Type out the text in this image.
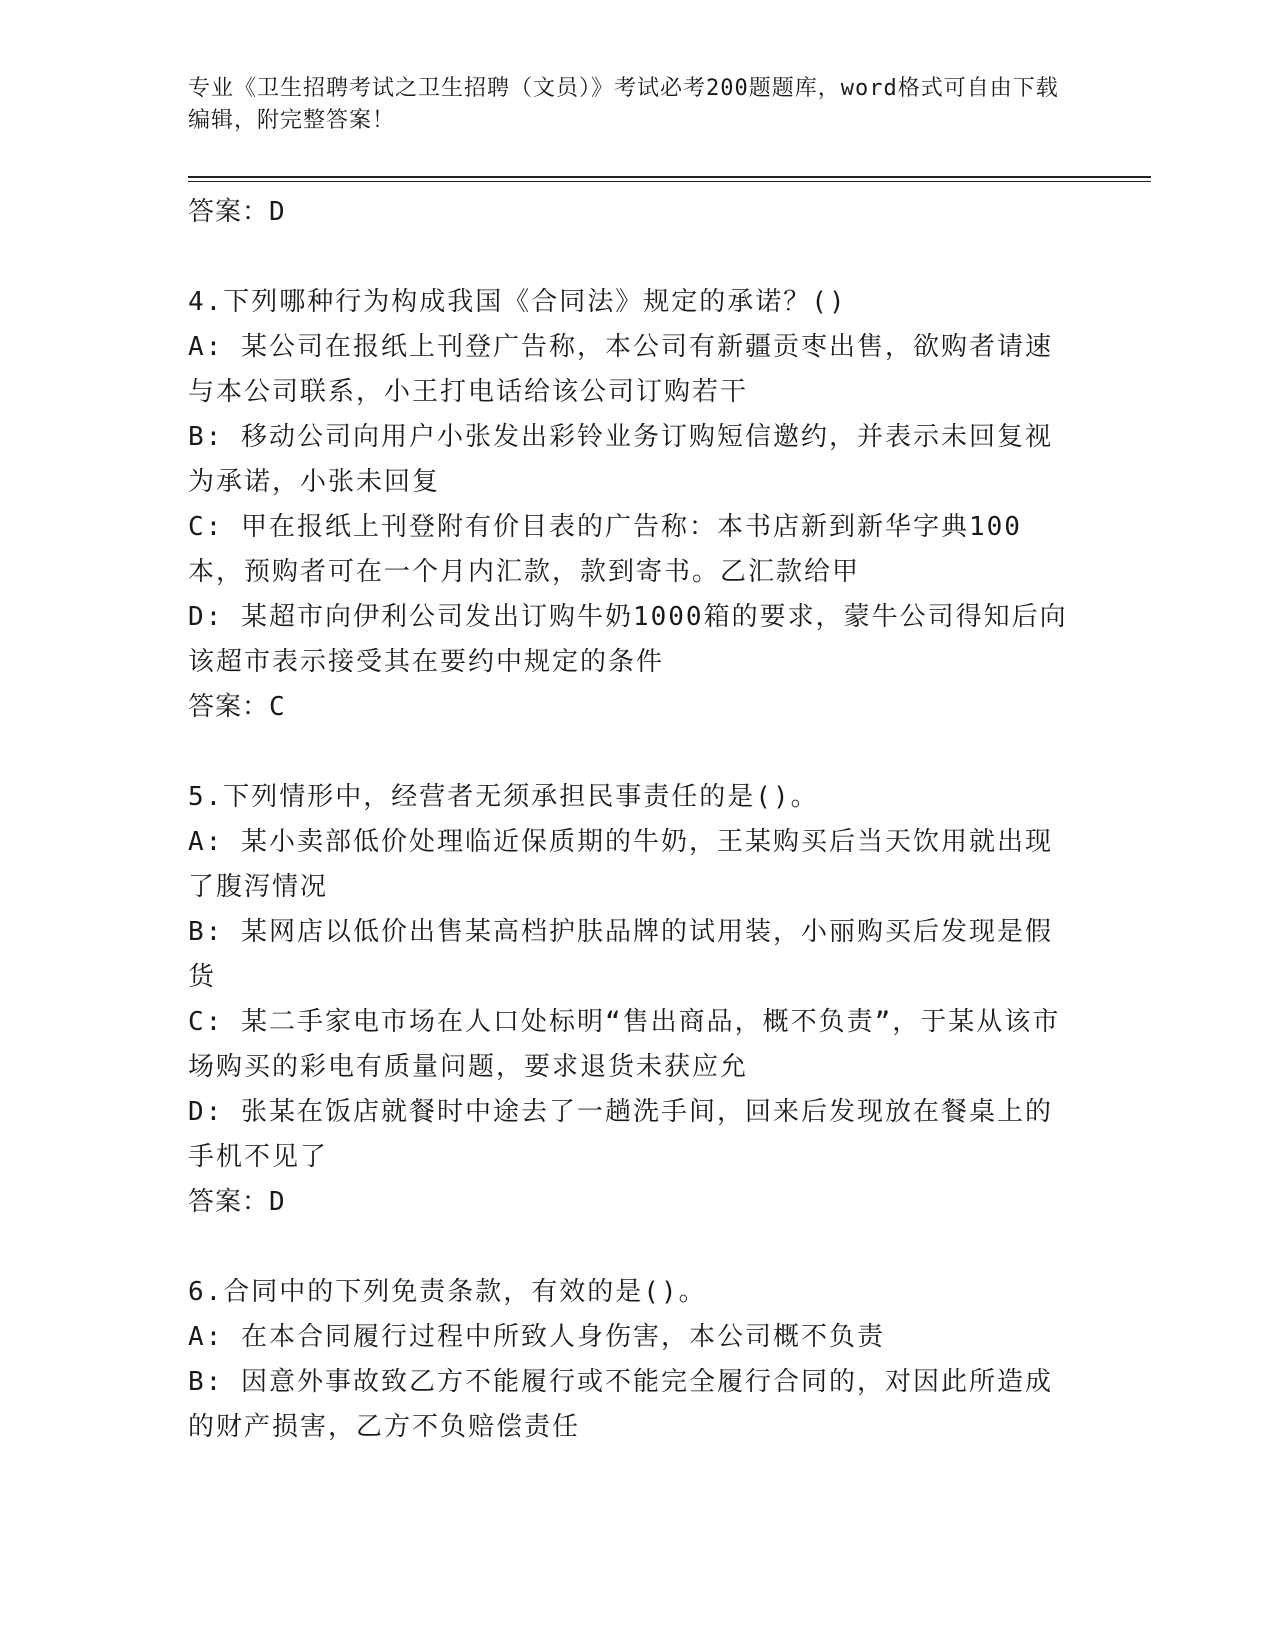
专业《卫生招聘考试之卫生招聘（文员）》考试必考200题题库，word格式可自由下载编辑，附完整答案！

答案：D

4.下列哪种行为构成我国《合同法》规定的承诺？()

A: 某公司在报纸上刊登广告称，本公司有新疆贡枣出售，欲购者请速与本公司联系，小王打电话给该公司订购若干

B: 移动公司向用户小张发出彩铃业务订购短信邀约，并表示未回复视为承诺，小张未回复

C: 甲在报纸上刊登附有价目表的广告称：本书店新到新华字典100本，预购者可在一个月内汇款，款到寄书。乙汇款给甲

D: 某超市向伊利公司发出订购牛奶1000箱的要求，蒙牛公司得知后向该超市表示接受其在要约中规定的条件

答案：C

5.下列情形中，经营者无须承担民事责任的是()。

A: 某小卖部低价处理临近保质期的牛奶，王某购买后当天饮用就出现了腹泻情况

B: 某网店以低价出售某高档护肤品牌的试用装，小丽购买后发现是假货

C: 某二手家电市场在人口处标明“售出商品，概不负责”，于某从该市场购买的彩电有质量问题，要求退货未获应允

D: 张某在饭店就餐时中途去了一趟洗手间，回来后发现放在餐桌上的手机不见了

答案：D

6.合同中的下列免责条款，有效的是()。

A: 在本合同履行过程中所致人身伤害，本公司概不负责

B: 因意外事故致乙方不能履行或不能完全履行合同的，对因此所造成的财产损害，乙方不负赔偿责任
